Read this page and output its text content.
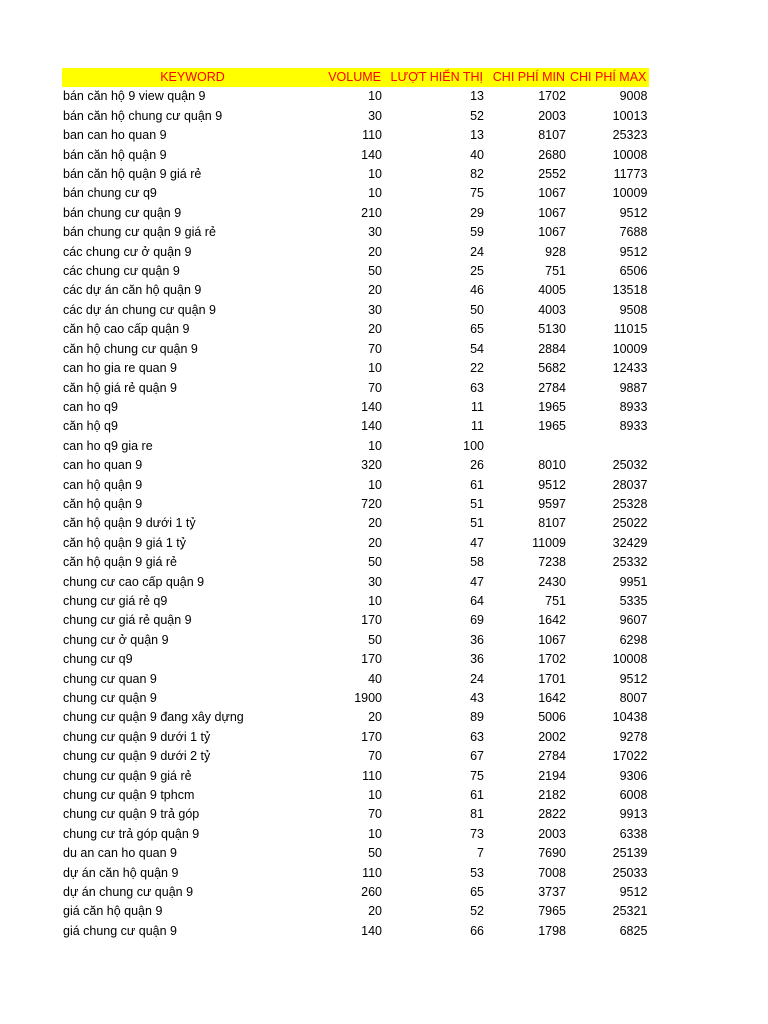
KEYWORD	VOLUME	LƯỢT HIỂN THỊ	CHI PHÍ MIN	CHI PHÍ MAX
bán căn hộ 9 view quận 9	10	13	1702	9008
bán căn hộ chung cư quận 9	30	52	2003	10013
ban can ho quan 9	110	13	8107	25323
bán căn hộ quận 9	140	40	2680	10008
bán căn hộ quận 9 giá rẻ	10	82	2552	11773
bán chung cư q9	10	75	1067	10009
bán chung cư quận 9	210	29	1067	9512
bán chung cư quận 9 giá rẻ	30	59	1067	7688
các chung cư ở quận 9	20	24	928	9512
các chung cư quận 9	50	25	751	6506
các dự án căn hộ quận 9	20	46	4005	13518
các dự án chung cư quận 9	30	50	4003	9508
căn hộ cao cấp quận 9	20	65	5130	11015
căn hộ chung cư quận 9	70	54	2884	10009
can ho gia re quan 9	10	22	5682	12433
căn hộ giá rẻ quận 9	70	63	2784	9887
can ho q9	140	11	1965	8933
căn hộ q9	140	11	1965	8933
can ho q9 gia re	10	100		
can ho quan 9	320	26	8010	25032
can hộ quận 9	10	61	9512	28037
căn hộ quận 9	720	51	9597	25328
căn hộ quận 9 dưới 1 tỷ	20	51	8107	25022
căn hộ quận 9 giá 1 tỷ	20	47	11009	32429
căn hộ quận 9 giá rẻ	50	58	7238	25332
chung cư cao cấp quận 9	30	47	2430	9951
chung cư giá rẻ q9	10	64	751	5335
chung cư giá rẻ quận 9	170	69	1642	9607
chung cư ở quận 9	50	36	1067	6298
chung cư q9	170	36	1702	10008
chung cư quan 9	40	24	1701	9512
chung cư quận 9	1900	43	1642	8007
chung cư quận 9 đang xây dựng	20	89	5006	10438
chung cư quận 9 dưới 1 tỷ	170	63	2002	9278
chung cư quận 9 dưới 2 tỷ	70	67	2784	17022
chung cư quận 9 giá rẻ	110	75	2194	9306
chung cư quận 9 tphcm	10	61	2182	6008
chung cư quận 9 trả góp	70	81	2822	9913
chung cư trả góp quận 9	10	73	2003	6338
du an can ho quan 9	50	7	7690	25139
dự án căn hộ quận 9	110	53	7008	25033
dự án chung cư quận 9	260	65	3737	9512
giá căn hộ quận 9	20	52	7965	25321
giá chung cư quận 9	140	66	1798	6825
